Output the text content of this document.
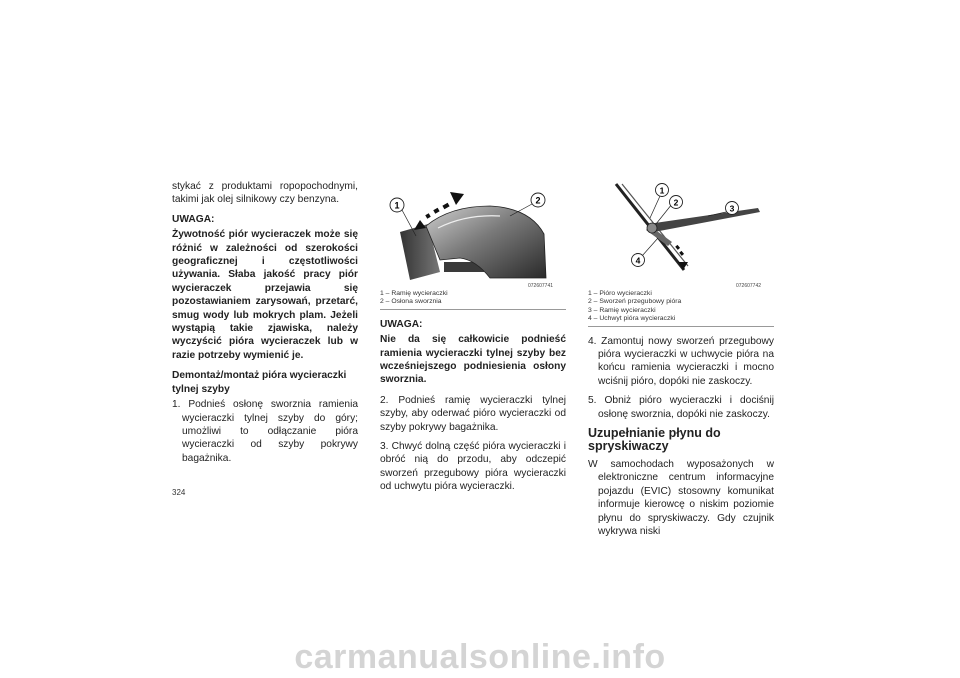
stykać z produktami ropopochodnymi, takimi jak olej silnikowy czy benzyna.

UWAGA:

Żywotność piór wycieraczek może się różnić w zależności od szerokości geograficznej i częstotliwości używania. Słaba jakość pracy piór wycieraczek przejawia się pozostawianiem zarysowań, przetarć, smug wody lub mokrych plam. Jeżeli wystąpią takie zjawiska, należy wyczyścić pióra wycieraczek lub w razie potrzeby wymienić je.

Demontaż/montaż pióra wycieraczki tylnej szyby

1. Podnieś osłonę sworznia ramienia wycieraczki tylnej szyby do góry; umożliwi to odłączanie pióra wycieraczki od szyby pokrywy bagażnika.

1	2
072607741
1 – Ramię wycieraczki
2 – Osłona sworznia
UWAGA:

Nie da się całkowicie podnieść ramienia wycieraczki tylnej szyby bez wcześniejszego podniesienia osłony sworznia.

2. Podnieś ramię wycieraczki tylnej szyby, aby oderwać pióro wycieraczki od szyby pokrywy bagażnika.

3. Chwyć dolną część pióra wycieraczki i obróć nią do przodu, aby odczepić sworzeń przegubowy pióra wycieraczki od uchwytu pióra wycieraczki.

1
2
3
4
072607742
1 – Pióro wycieraczki
2 – Sworzeń przegubowy pióra
3 – Ramię wycieraczki
4 – Uchwyt pióra wycieraczki

4. Zamontuj nowy sworzeń przegubowy pióra wycieraczki w uchwycie pióra na końcu ramienia wycieraczki i mocno wciśnij pióro, dopóki nie zaskoczy.

5. Obniż pióro wycieraczki i dociśnij osłonę sworznia, dopóki nie zaskoczy.

Uzupełnianie płynu do spryskiwaczy

W samochodach wyposażonych w elektroniczne centrum informacyjne pojazdu (EVIC) stosowny komunikat informuje kierowcę o niskim poziomie płynu do spryskiwaczy. Gdy czujnik wykrywa niski

324
carmanualsonline.info
